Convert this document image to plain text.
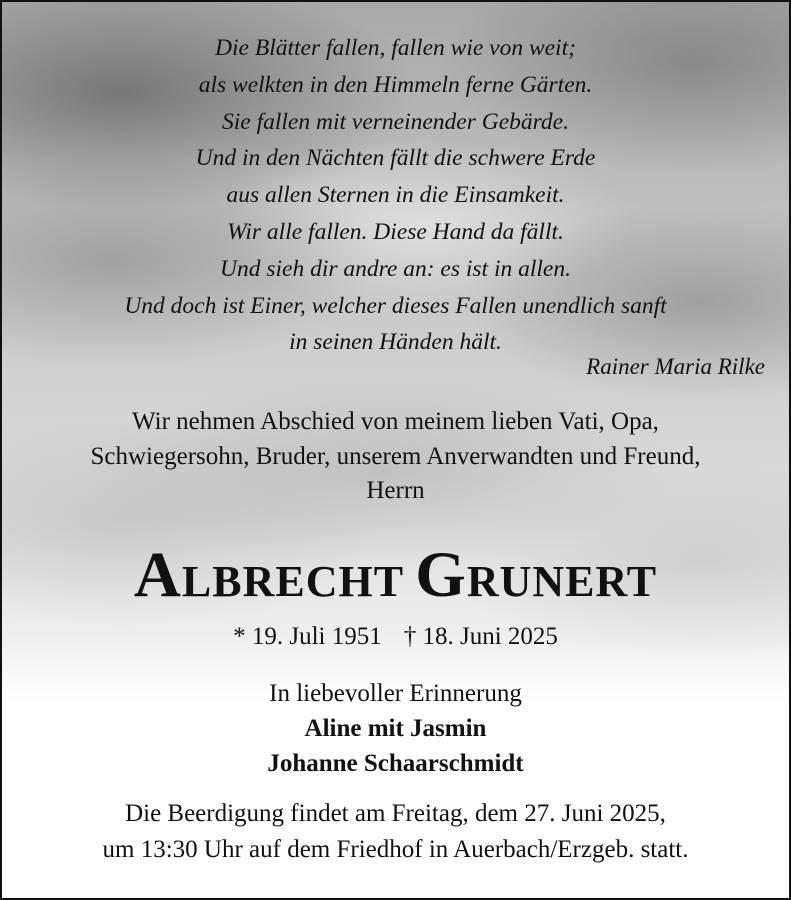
Die Blätter fallen, fallen wie von weit;
als welkten in den Himmeln ferne Gärten.
Sie fallen mit verneinender Gebärde.
Und in den Nächten fällt die schwere Erde
aus allen Sternen in die Einsamkeit.
Wir alle fallen. Diese Hand da fällt.
Und sieh dir andre an: es ist in allen.
Und doch ist Einer, welcher dieses Fallen unendlich sanft
in seinen Händen hält.
Rainer Maria Rilke
Wir nehmen Abschied von meinem lieben Vati, Opa,
Schwiegersohn, Bruder, unserem Anverwandten und Freund,
Herrn
ALBRECHT GRUNERT
* 19. Juli 1951 † 18. Juni 2025
In liebevoller Erinnerung
Aline mit Jasmin
Johanne Schaarschmidt
Die Beerdigung findet am Freitag, dem 27. Juni 2025,
um 13:30 Uhr auf dem Friedhof in Auerbach/Erzgeb. statt.
